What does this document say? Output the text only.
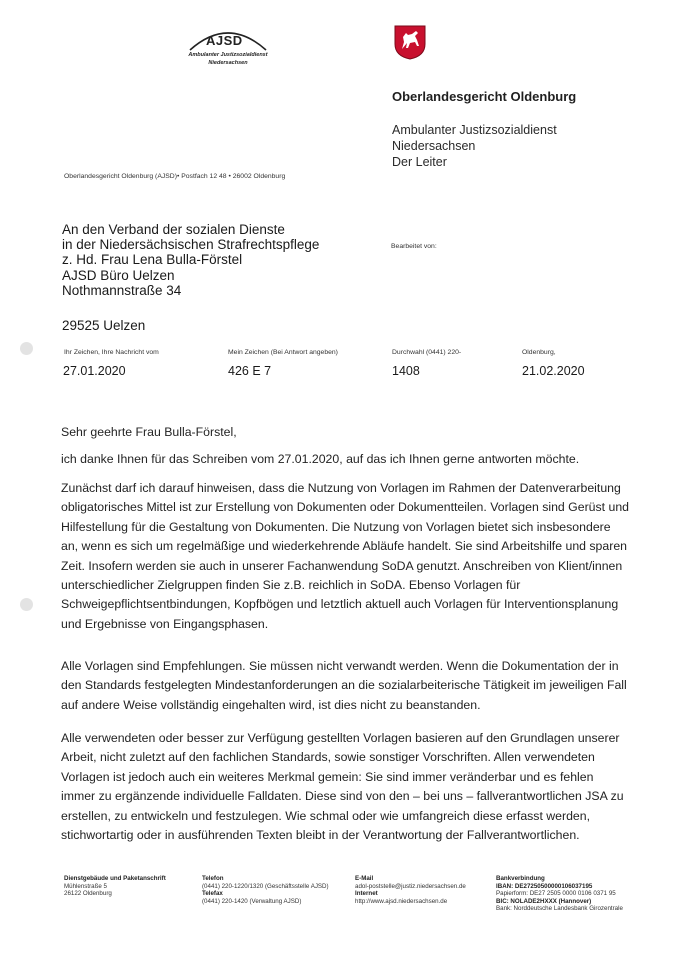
AJSD
Ambulanter Justizsozialdienst
Niedersachsen
Oberlandesgericht Oldenburg
Ambulanter Justizsozialdienst
Niedersachsen
Der Leiter
Oberlandesgericht Oldenburg (AJSD)• Postfach 12 48 • 26002 Oldenburg
An den Verband der sozialen Dienste
in der Niedersächsischen Strafrechtspflege
z. Hd. Frau Lena Bulla-Förstel
AJSD Büro Uelzen
Nothmannstraße 34
29525 Uelzen
Bearbeitet von:
Ihr Zeichen, Ihre Nachricht vom
27.01.2020
Mein Zeichen (Bei Antwort angeben)
426 E 7
Durchwahl (0441) 220-
1408
Oldenburg,
21.02.2020

Sehr geehrte Frau Bulla-Förstel,

ich danke Ihnen für das Schreiben vom 27.01.2020, auf das ich Ihnen gerne antworten möchte.

Zunächst darf ich darauf hinweisen, dass die Nutzung von Vorlagen im Rahmen der Datenverarbeitung obligatorisches Mittel ist zur Erstellung von Dokumenten oder Dokumentteilen. Vorlagen sind Gerüst und Hilfestellung für die Gestaltung von Dokumenten. Die Nutzung von Vorlagen bietet sich insbesondere an, wenn es sich um regelmäßige und wiederkehrende Abläufe handelt. Sie sind Arbeitshilfe und sparen Zeit. Insofern werden sie auch in unserer Fachanwendung SoDA genutzt. Anschreiben von Klient/innen unterschiedlicher Zielgruppen finden Sie z.B. reichlich in SoDA. Ebenso Vorlagen für Schweigepflichtsentbindungen, Kopfbögen und letztlich aktuell auch Vorlagen für Interventionsplanung und Ergebnisse von Eingangsphasen.

Alle Vorlagen sind Empfehlungen. Sie müssen nicht verwandt werden. Wenn die Dokumentation der in den Standards festgelegten Mindestanforderungen an die sozialarbeiterische Tätigkeit im jeweiligen Fall auf andere Weise vollständig eingehalten wird, ist dies nicht zu beanstanden.

Alle verwendeten oder besser zur Verfügung gestellten Vorlagen basieren auf den Grundlagen unserer Arbeit, nicht zuletzt auf den fachlichen Standards, sowie sonstiger Vorschriften. Allen verwendeten Vorlagen ist jedoch auch ein weiteres Merkmal gemein: Sie sind immer veränderbar und es fehlen immer zu ergänzende individuelle Falldaten. Diese sind von den – bei uns – fallverantwortlichen JSA zu erstellen, zu entwickeln und festzulegen. Wie schmal oder wie umfangreich diese erfasst werden, stichwortartig oder in ausführenden Texten bleibt in der Verantwortung der Fallverantwortlichen.

Dienstgebäude und Paketanschrift
Mühlenstraße 5
26122 Oldenburg
Telefon
(0441) 220-1220/1320 (Geschäftsstelle AJSD)
Telefax
(0441) 220-1420 (Verwaltung AJSD)
E-Mail
adol-poststelle@justiz.niedersachsen.de
Internet
http://www.ajsd.niedersachsen.de
Bankverbindung
IBAN: DE27250500000106037195
Papierform: DE27 2505 0000 0106 0371 95
BIC: NOLADE2HXXX (Hannover)
Bank: Norddeutsche Landesbank Girozentrale
